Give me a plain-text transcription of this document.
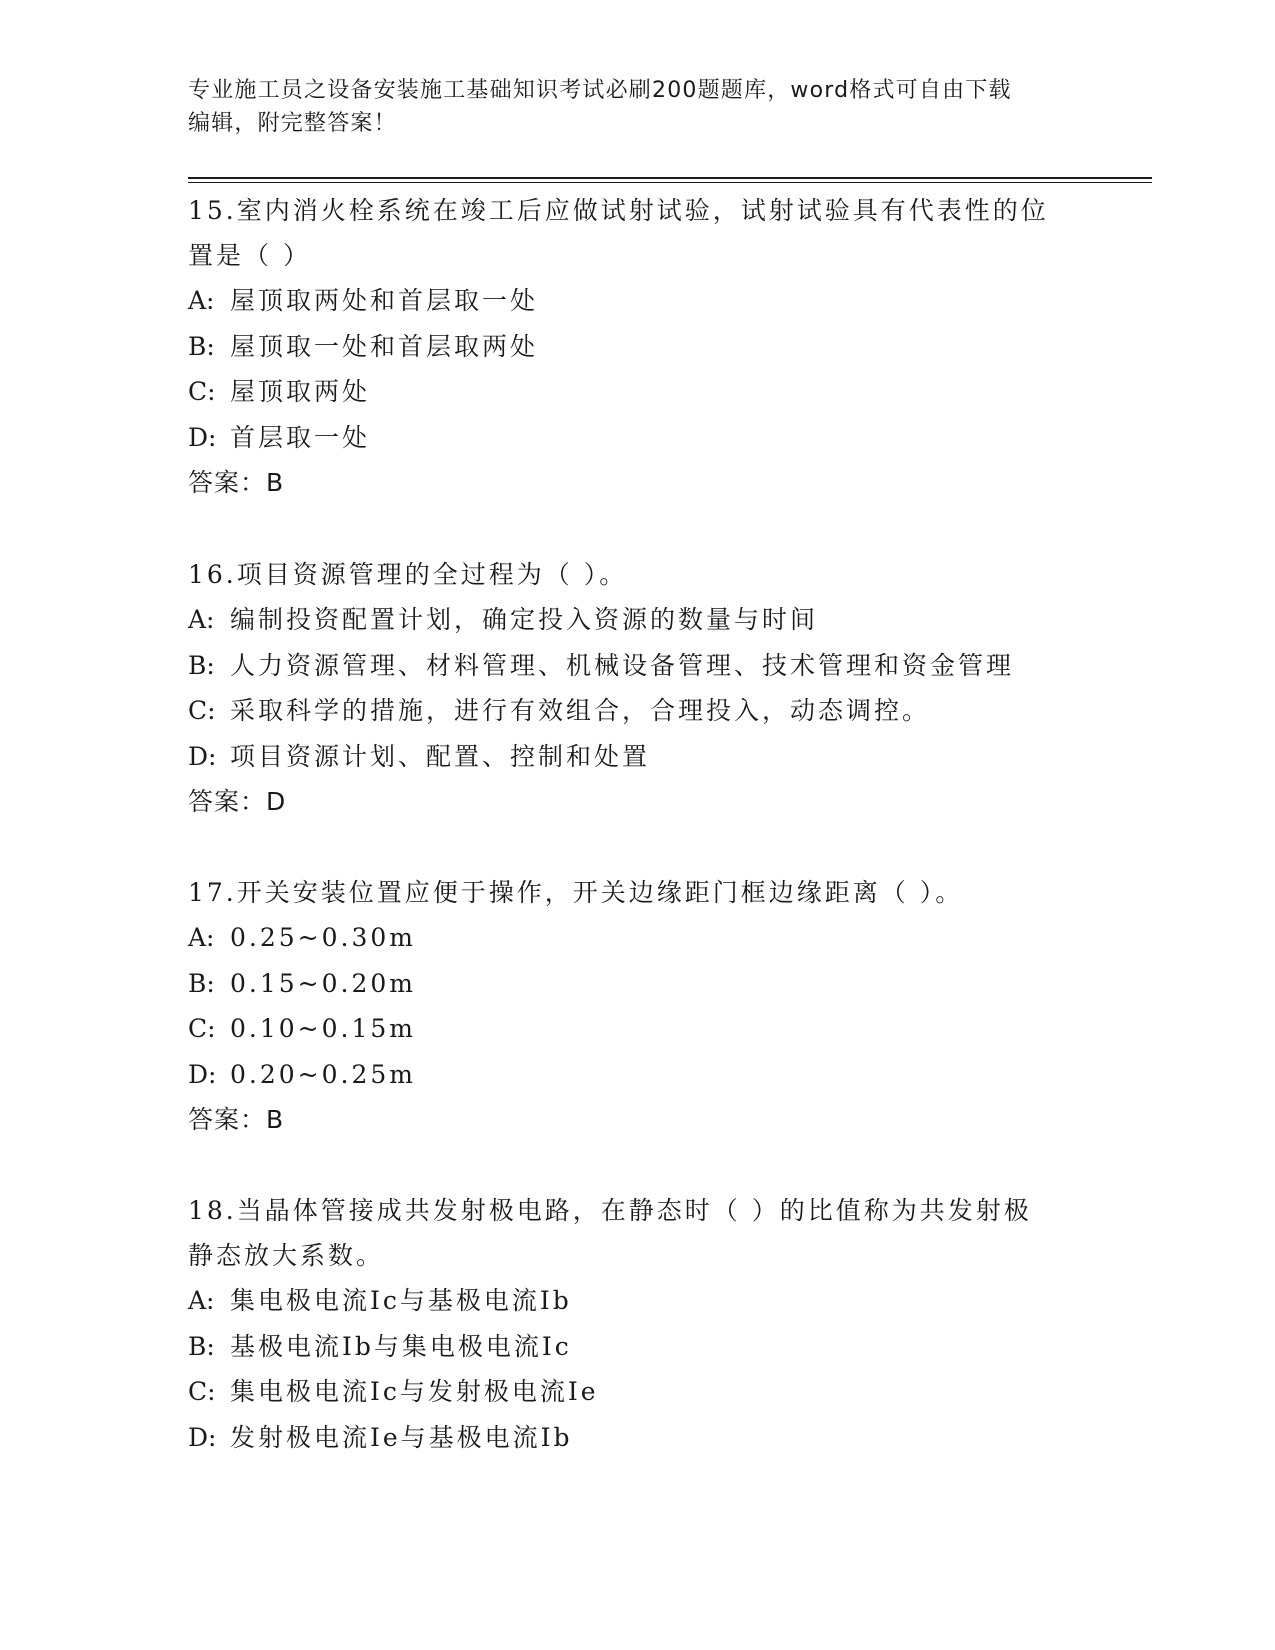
专业施工员之设备安装施工基础知识考试必刷200题题库，word格式可自由下载
编辑，附完整答案！
15.室内消火栓系统在竣工后应做试射试验，试射试验具有代表性的位
置是（ ）
A: 屋顶取两处和首层取一处
B: 屋顶取一处和首层取两处
C: 屋顶取两处
D: 首层取一处
答案：B
16.项目资源管理的全过程为（ ）。
A: 编制投资配置计划，确定投入资源的数量与时间
B: 人力资源管理、材料管理、机械设备管理、技术管理和资金管理
C: 采取科学的措施，进行有效组合，合理投入，动态调控。
D: 项目资源计划、配置、控制和处置
答案：D
17.开关安装位置应便于操作，开关边缘距门框边缘距离（ ）。
A: 0.25~0.30m
B: 0.15~0.20m
C: 0.10~0.15m
D: 0.20~0.25m
答案：B
18.当晶体管接成共发射极电路，在静态时（ ）的比值称为共发射极
静态放大系数。
A: 集电极电流Ic与基极电流Ib
B: 基极电流Ib与集电极电流Ic
C: 集电极电流Ic与发射极电流Ie
D: 发射极电流Ie与基极电流Ib
